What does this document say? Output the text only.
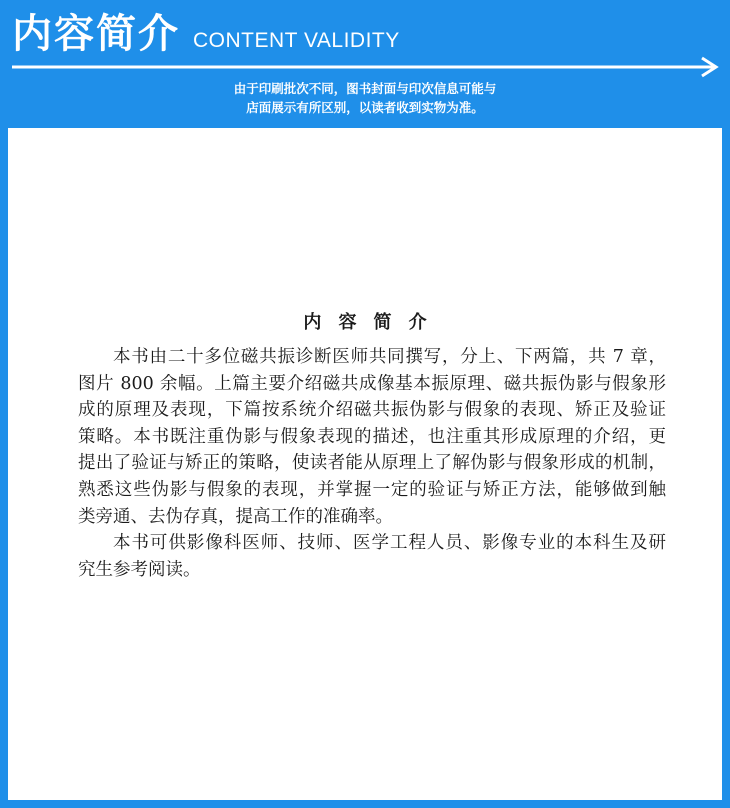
内容简介 CONTENT VALIDITY
由于印刷批次不同，图书封面与印次信息可能与
店面展示有所区别，以读者收到实物为准。
内容简介
本书由二十多位磁共振诊断医师共同撰写，分上、下两篇，共 7 章，
图片 800 余幅。上篇主要介绍磁共成像基本振原理、磁共振伪影与假象形
成的原理及表现，下篇按系统介绍磁共振伪影与假象的表现、矫正及验证
策略。本书既注重伪影与假象表现的描述，也注重其形成原理的介绍，更
提出了验证与矫正的策略，使读者能从原理上了解伪影与假象形成的机制，
熟悉这些伪影与假象的表现，并掌握一定的验证与矫正方法，能够做到触
类旁通、去伪存真，提高工作的准确率。
本书可供影像科医师、技师、医学工程人员、影像专业的本科生及研
究生参考阅读。
